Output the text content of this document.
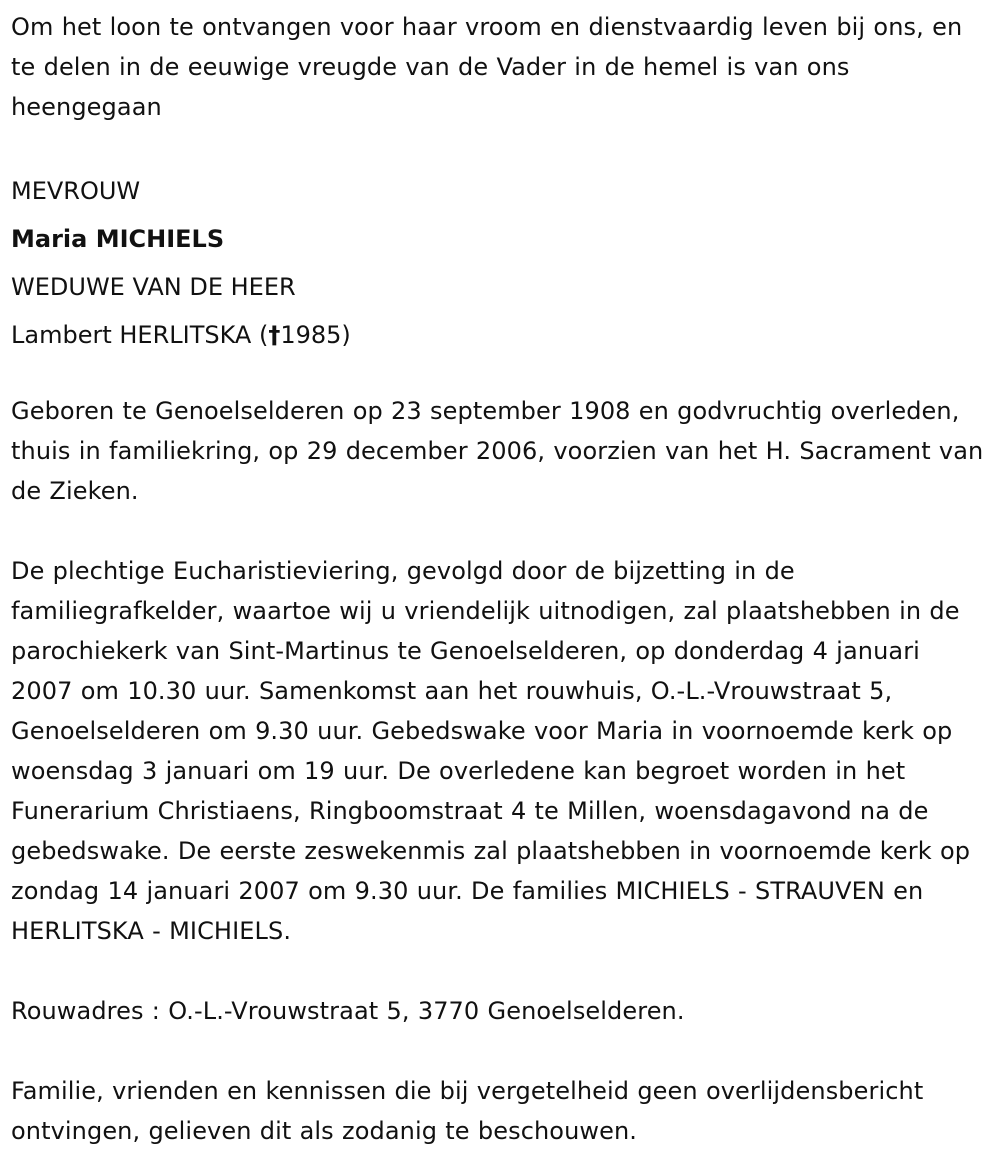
Om het loon te ontvangen voor haar vroom en dienstvaardig leven bij ons, en te delen in de eeuwige vreugde van de Vader in de hemel is van ons heengegaan

MEVROUW
Maria MICHIELS
WEDUWE VAN DE HEER
Lambert HERLITSKA (†1985)

Geboren te Genoelselderen op 23 september 1908 en godvruchtig overleden, thuis in familiekring, op 29 december 2006, voorzien van het H. Sacrament van de Zieken.

De plechtige Eucharistieviering, gevolgd door de bijzetting in de familiegrafkelder, waartoe wij u vriendelijk uitnodigen, zal plaatshebben in de parochiekerk van Sint-Martinus te Genoelselderen, op donderdag 4 januari 2007 om 10.30 uur. Samenkomst aan het rouwhuis, O.-L.-Vrouwstraat 5, Genoelselderen om 9.30 uur. Gebedswake voor Maria in voornoemde kerk op woensdag 3 januari om 19 uur. De overledene kan begroet worden in het Funerarium Christiaens, Ringboomstraat 4 te Millen, woensdagavond na de gebedswake. De eerste zeswekenmis zal plaatshebben in voornoemde kerk op zondag 14 januari 2007 om 9.30 uur. De families MICHIELS - STRAUVEN en HERLITSKA - MICHIELS.

Rouwadres : O.-L.-Vrouwstraat 5, 3770 Genoelselderen.

Familie, vrienden en kennissen die bij vergetelheid geen overlijdensbericht ontvingen, gelieven dit als zodanig te beschouwen.
